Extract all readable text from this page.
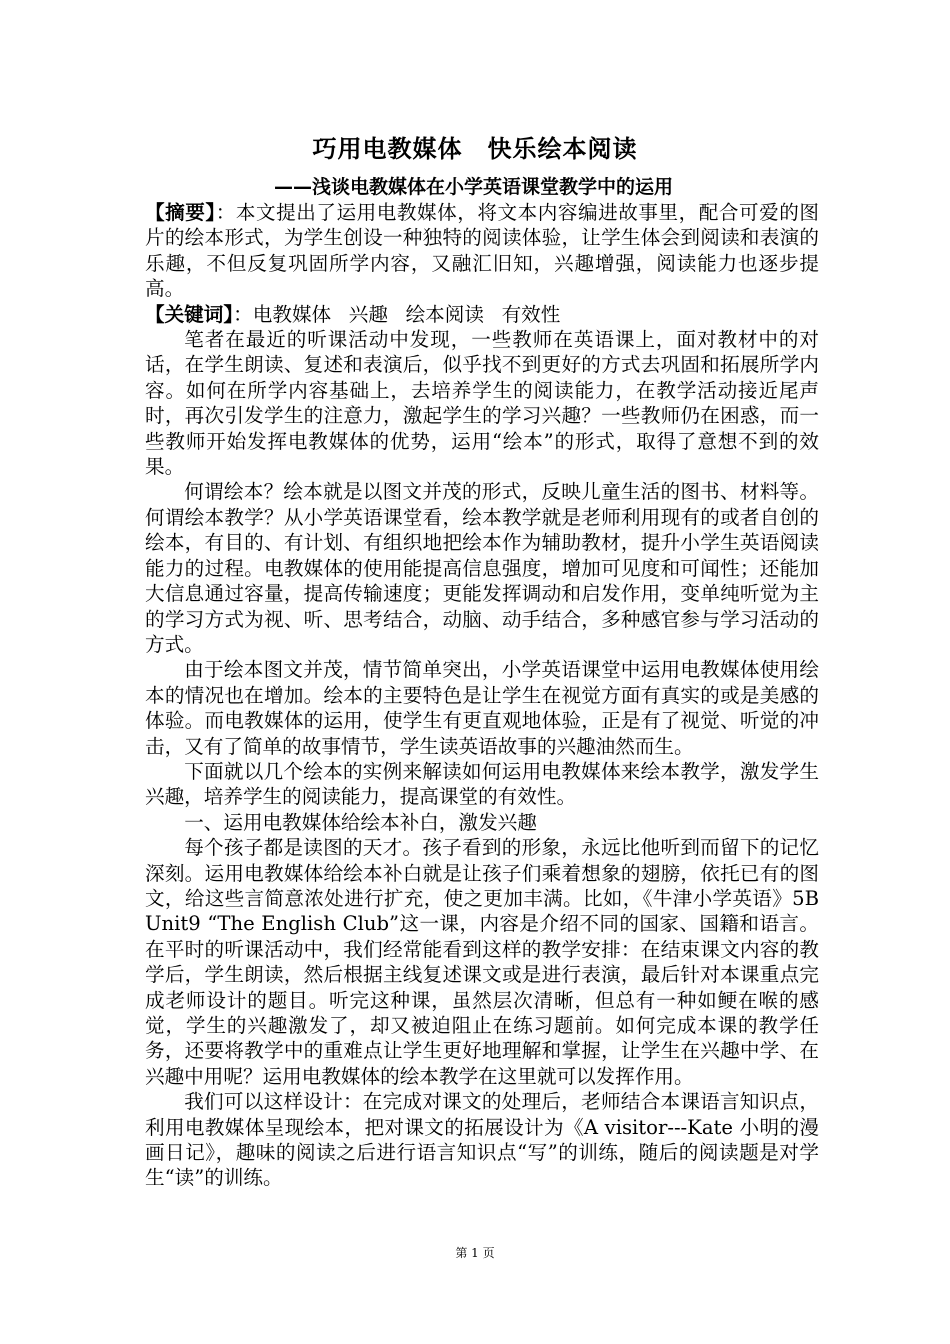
巧用电教媒体　快乐绘本阅读
——浅谈电教媒体在小学英语课堂教学中的运用

【摘要】：本文提出了运用电教媒体，将文本内容编进故事里，配合可爱的图片的绘本形式，为学生创设一种独特的阅读体验，让学生体会到阅读和表演的乐趣，不但反复巩固所学内容，又融汇旧知，兴趣增强，阅读能力也逐步提高。

【关键词】：电教媒体 兴趣 绘本阅读 有效性

笔者在最近的听课活动中发现，一些教师在英语课上，面对教材中的对话，在学生朗读、复述和表演后，似乎找不到更好的方式去巩固和拓展所学内容。如何在所学内容基础上，去培养学生的阅读能力，在教学活动接近尾声时，再次引发学生的注意力，激起学生的学习兴趣？一些教师仍在困惑，而一些教师开始发挥电教媒体的优势，运用“绘本”的形式，取得了意想不到的效果。

何谓绘本？绘本就是以图文并茂的形式，反映儿童生活的图书、材料等。何谓绘本教学？从小学英语课堂看，绘本教学就是老师利用现有的或者自创的绘本，有目的、有计划、有组织地把绘本作为辅助教材，提升小学生英语阅读能力的过程。电教媒体的使用能提高信息强度，增加可见度和可闻性；还能加大信息通过容量，提高传输速度；更能发挥调动和启发作用，变单纯听觉为主的学习方式为视、听、思考结合，动脑、动手结合，多种感官参与学习活动的方式。

由于绘本图文并茂，情节简单突出，小学英语课堂中运用电教媒体使用绘本的情况也在增加。绘本的主要特色是让学生在视觉方面有真实的或是美感的体验。而电教媒体的运用，使学生有更直观地体验，正是有了视觉、听觉的冲击，又有了简单的故事情节，学生读英语故事的兴趣油然而生。

下面就以几个绘本的实例来解读如何运用电教媒体来绘本教学，激发学生兴趣，培养学生的阅读能力，提高课堂的有效性。

一、运用电教媒体给绘本补白，激发兴趣

每个孩子都是读图的天才。孩子看到的形象，永远比他听到而留下的记忆深刻。运用电教媒体给绘本补白就是让孩子们乘着想象的翅膀，依托已有的图文，给这些言简意浓处进行扩充，使之更加丰满。比如，《牛津小学英语》5B Unit9 “The English Club”这一课，内容是介绍不同的国家、国籍和语言。在平时的听课活动中，我们经常能看到这样的教学安排：在结束课文内容的教学后，学生朗读，然后根据主线复述课文或是进行表演，最后针对本课重点完成老师设计的题目。听完这种课，虽然层次清晰，但总有一种如鲠在喉的感觉，学生的兴趣激发了，却又被迫阻止在练习题前。如何完成本课的教学任务，还要将教学中的重难点让学生更好地理解和掌握，让学生在兴趣中学、在兴趣中用呢？运用电教媒体的绘本教学在这里就可以发挥作用。

我们可以这样设计：在完成对课文的处理后，老师结合本课语言知识点，利用电教媒体呈现绘本，把对课文的拓展设计为《A visitor---Kate 小明的漫画日记》，趣味的阅读之后进行语言知识点“写”的训练，随后的阅读题是对学生“读”的训练。

第 1 页
